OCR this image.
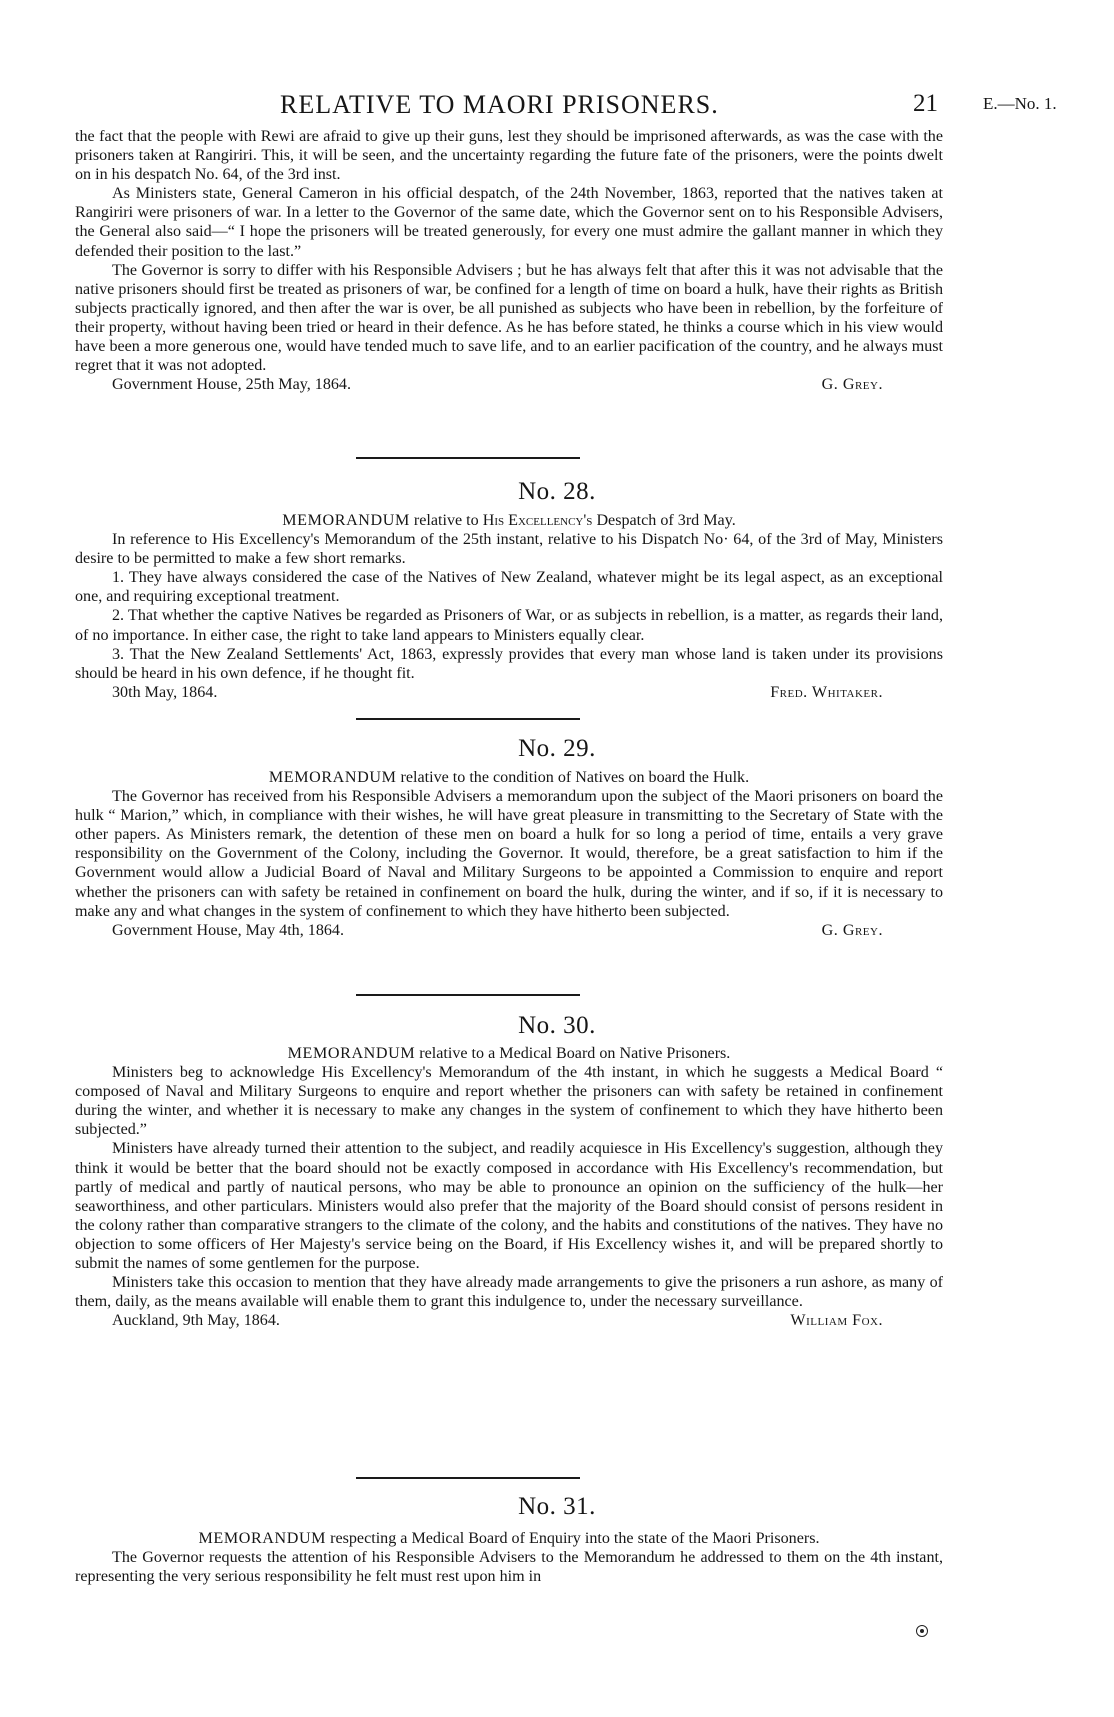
RELATIVE TO MAORI PRISONERS.	21	E.—No. 1.

the fact that the people with Rewi are afraid to give up their guns, lest they should be imprisoned afterwards, as was the case with the prisoners taken at Rangiriri. This, it will be seen, and the uncertainty regarding the future fate of the prisoners, were the points dwelt on in his despatch No. 64, of the 3rd inst.

As Ministers state, General Cameron in his official despatch, of the 24th November, 1863, reported that the natives taken at Rangiriri were prisoners of war. In a letter to the Governor of the same date, which the Governor sent on to his Responsible Advisers, the General also said—“ I hope the prisoners will be treated generously, for every one must admire the gallant manner in which they defended their position to the last.”

The Governor is sorry to differ with his Responsible Advisers ; but he has always felt that after this it was not advisable that the native prisoners should first be treated as prisoners of war, be confined for a length of time on board a hulk, have their rights as British subjects practically ignored, and then after the war is over, be all punished as subjects who have been in rebellion, by the forfeiture of their property, without having been tried or heard in their defence. As he has before stated, he thinks a course which in his view would have been a more generous one, would have tended much to save life, and to an earlier pacification of the country, and he always must regret that it was not adopted.

Government House, 25th May, 1864.	G. Grey.
No. 28.

MEMORANDUM relative to His Excellency's Despatch of 3rd May.

In reference to His Excellency's Memorandum of the 25th instant, relative to his Dispatch No· 64, of the 3rd of May, Ministers desire to be permitted to make a few short remarks.

1. They have always considered the case of the Natives of New Zealand, whatever might be its legal aspect, as an exceptional one, and requiring exceptional treatment.

2. That whether the captive Natives be regarded as Prisoners of War, or as subjects in rebellion, is a matter, as regards their land, of no importance. In either case, the right to take land appears to Ministers equally clear.

3. That the New Zealand Settlements' Act, 1863, expressly provides that every man whose land is taken under its provisions should be heard in his own defence, if he thought fit.

30th May, 1864.	Fred. Whitaker.
No. 29.

MEMORANDUM relative to the condition of Natives on board the Hulk.

The Governor has received from his Responsible Advisers a memorandum upon the subject of the Maori prisoners on board the hulk “ Marion,” which, in compliance with their wishes, he will have great pleasure in transmitting to the Secretary of State with the other papers. As Ministers remark, the detention of these men on board a hulk for so long a period of time, entails a very grave responsibility on the Government of the Colony, including the Governor. It would, therefore, be a great satisfaction to him if the Government would allow a Judicial Board of Naval and Military Surgeons to be appointed a Commission to enquire and report whether the prisoners can with safety be retained in confinement on board the hulk, during the winter, and if so, if it is necessary to make any and what changes in the system of confinement to which they have hitherto been subjected.

Government House, May 4th, 1864.	G. Grey.
No. 30.

MEMORANDUM relative to a Medical Board on Native Prisoners.

Ministers beg to acknowledge His Excellency's Memorandum of the 4th instant, in which he suggests a Medical Board “ composed of Naval and Military Surgeons to enquire and report whether the prisoners can with safety be retained in confinement during the winter, and whether it is necessary to make any changes in the system of confinement to which they have hitherto been subjected.”

Ministers have already turned their attention to the subject, and readily acquiesce in His Excellency's suggestion, although they think it would be better that the board should not be exactly composed in accordance with His Excellency's recommendation, but partly of medical and partly of nautical persons, who may be able to pronounce an opinion on the sufficiency of the hulk—her seaworthiness, and other particulars. Ministers would also prefer that the majority of the Board should consist of persons resident in the colony rather than comparative strangers to the climate of the colony, and the habits and constitutions of the natives. They have no objection to some officers of Her Majesty's service being on the Board, if His Excellency wishes it, and will be prepared shortly to submit the names of some gentlemen for the purpose.

Ministers take this occasion to mention that they have already made arrangements to give the prisoners a run ashore, as many of them, daily, as the means available will enable them to grant this indulgence to, under the necessary surveillance.

Auckland, 9th May, 1864.	William Fox.
No. 31.

MEMORANDUM respecting a Medical Board of Enquiry into the state of the Maori Prisoners.

The Governor requests the attention of his Responsible Advisers to the Memorandum he addressed to them on the 4th instant, representing the very serious responsibility he felt must rest upon him in
